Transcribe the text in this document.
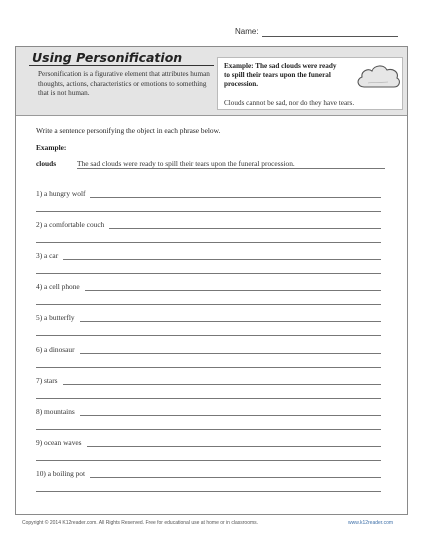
Name:
Using Personification
Personification is a figurative element that attributes human thoughts, actions, characteristics or emotions to something that is not human.
Example: The sad clouds were ready to spill their tears upon the funeral procession.
Clouds cannot be sad, nor do they have tears.
Write a sentence personifying the object in each phrase below.
Example:
clouds	The sad clouds were ready to spill their tears upon the funeral procession.
1) a hungry wolf
2) a comfortable couch
3) a car
4) a cell phone
5) a butterfly
6) a dinosaur
7) stars
8) mountains
9) ocean waves
10) a boiling pot
Copyright © 2014 K12reader.com. All Rights Reserved. Free for educational use at home or in classrooms.	www.k12reader.com
